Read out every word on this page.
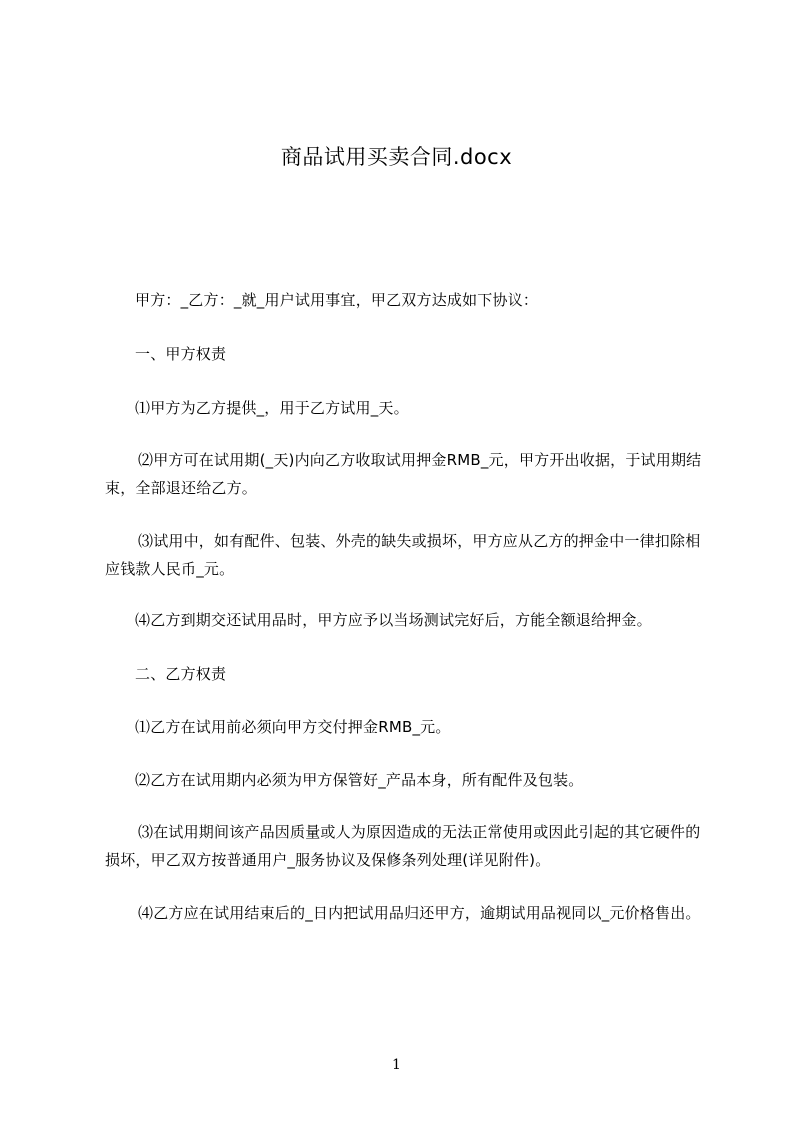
商品试用买卖合同.docx

甲方：_乙方：_就_用户试用事宜，甲乙双方达成如下协议：

一、甲方权责

⑴甲方为乙方提供_，用于乙方试用_天。

⑵甲方可在试用期(_天)内向乙方收取试用押金RMB_元，甲方开出收据，于试用期结束，全部退还给乙方。

⑶试用中，如有配件、包装、外壳的缺失或损坏，甲方应从乙方的押金中一律扣除相应钱款人民币_元。

⑷乙方到期交还试用品时，甲方应予以当场测试完好后，方能全额退给押金。

二、乙方权责

⑴乙方在试用前必须向甲方交付押金RMB_元。

⑵乙方在试用期内必须为甲方保管好_产品本身，所有配件及包装。

⑶在试用期间该产品因质量或人为原因造成的无法正常使用或因此引起的其它硬件的损坏，甲乙双方按普通用户_服务协议及保修条列处理(详见附件)。

⑷乙方应在试用结束后的_日内把试用品归还甲方，逾期试用品视同以_元价格售出。

1
